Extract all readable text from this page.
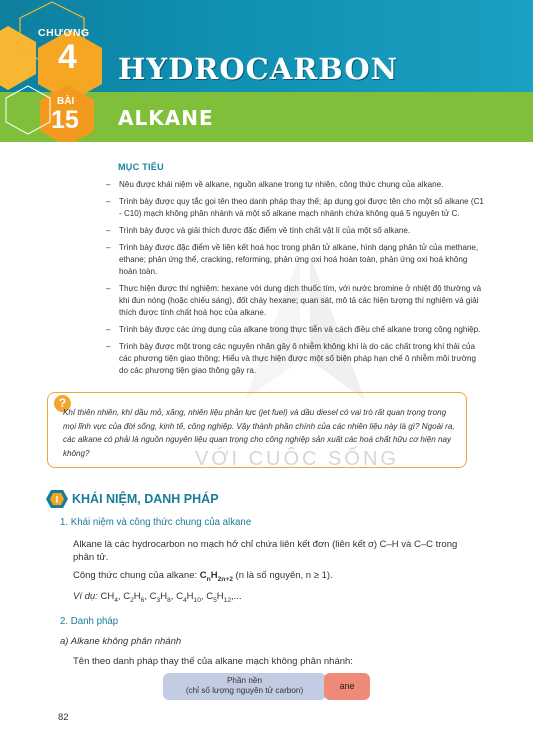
CHƯƠNG
4 HYDROCARBON
BÀI
15 ALKANE
MỤC TIÊU
– Nêu được khái niệm về alkane, nguồn alkane trong tự nhiên, công thức chung của alkane.
– Trình bày được quy tắc gọi tên theo danh pháp thay thế; áp dụng gọi được tên cho một số alkane (C1 - C10) mạch không phân nhánh và một số alkane mạch nhánh chứa không quá 5 nguyên tử C.
– Trình bày được và giải thích được đặc điểm về tính chất vật lí của một số alkane.
– Trình bày được đặc điểm về liên kết hoá học trong phân tử alkane, hình dạng phân tử của methane, ethane; phản ứng thế, cracking, reforming, phản ứng oxi hoá hoàn toàn, phản ứng oxi hoá không hoàn toàn.
– Thực hiện được thí nghiệm: hexane với dung dịch thuốc tím, với nước bromine ở nhiệt độ thường và khi đun nóng (hoặc chiếu sáng), đốt cháy hexane; quan sát, mô tả các hiện tượng thí nghiệm và giải thích được tính chất hoá học của alkane.
– Trình bày được các ứng dụng của alkane trong thực tiễn và cách điều chế alkane trong công nghiệp.
– Trình bày được một trong các nguyên nhân gây ô nhiễm không khí là do các chất trong khí thải của các phương tiện giao thông; Hiểu và thực hiện được một số biện pháp hạn chế ô nhiễm môi trường do các phương tiện giao thông gây ra.
?
Khí thiên nhiên, khí dầu mỏ, xăng, nhiên liệu phản lực (jet fuel) và dầu diesel có vai trò rất quan trọng trong mọi lĩnh vực của đời sống, kinh tế, công nghiệp. Vậy thành phần chính của các nhiên liệu này là gì? Ngoài ra, các alkane có phải là nguồn nguyên liệu quan trọng cho công nghiệp sản xuất các hoá chất hữu cơ hiện nay không?	VỚI CUỘC SỐNG
I KHÁI NIỆM, DANH PHÁP
1. Khái niệm và công thức chung của alkane
Alkane là các hydrocarbon no mạch hở chỉ chứa liên kết đơn (liên kết σ) C–H và C–C trong phân tử.
Công thức chung của alkane: $C_nH_{2n+2}$ (n là số nguyên, n ≥ 1).
Ví dụ: $CH_4$, $C_2H_6$, $C_3H_8$, $C_4H_{10}$, $C_5H_{12}$,...
2. Danh pháp
a) Alkane không phân nhánh
Tên theo danh pháp thay thế của alkane mạch không phân nhánh:
Phần nền
(chỉ số lượng nguyên tử carbon)	ane
82
